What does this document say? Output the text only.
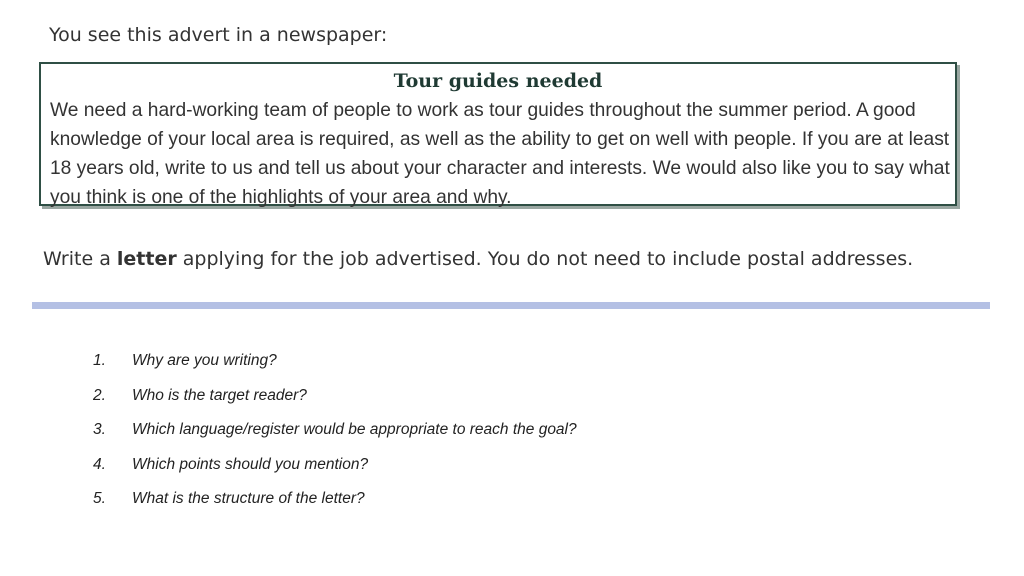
You see this advert in a newspaper:
Tour guides needed
We need a hard-working team of people to work as tour guides throughout the summer period. A good knowledge of your local area is required, as well as the ability to get on well with people. If you are at least 18 years old, write to us and tell us about your character and interests. We would also like you to say what you think is one of the highlights of your area and why.
Write a letter applying for the job advertised. You do not need to include postal addresses.
1.	Why are you writing?
2.	Who is the target reader?
3.	Which language/register would be appropriate to reach the goal?
4.	Which points should you mention?
5.	What is the structure of the letter?
